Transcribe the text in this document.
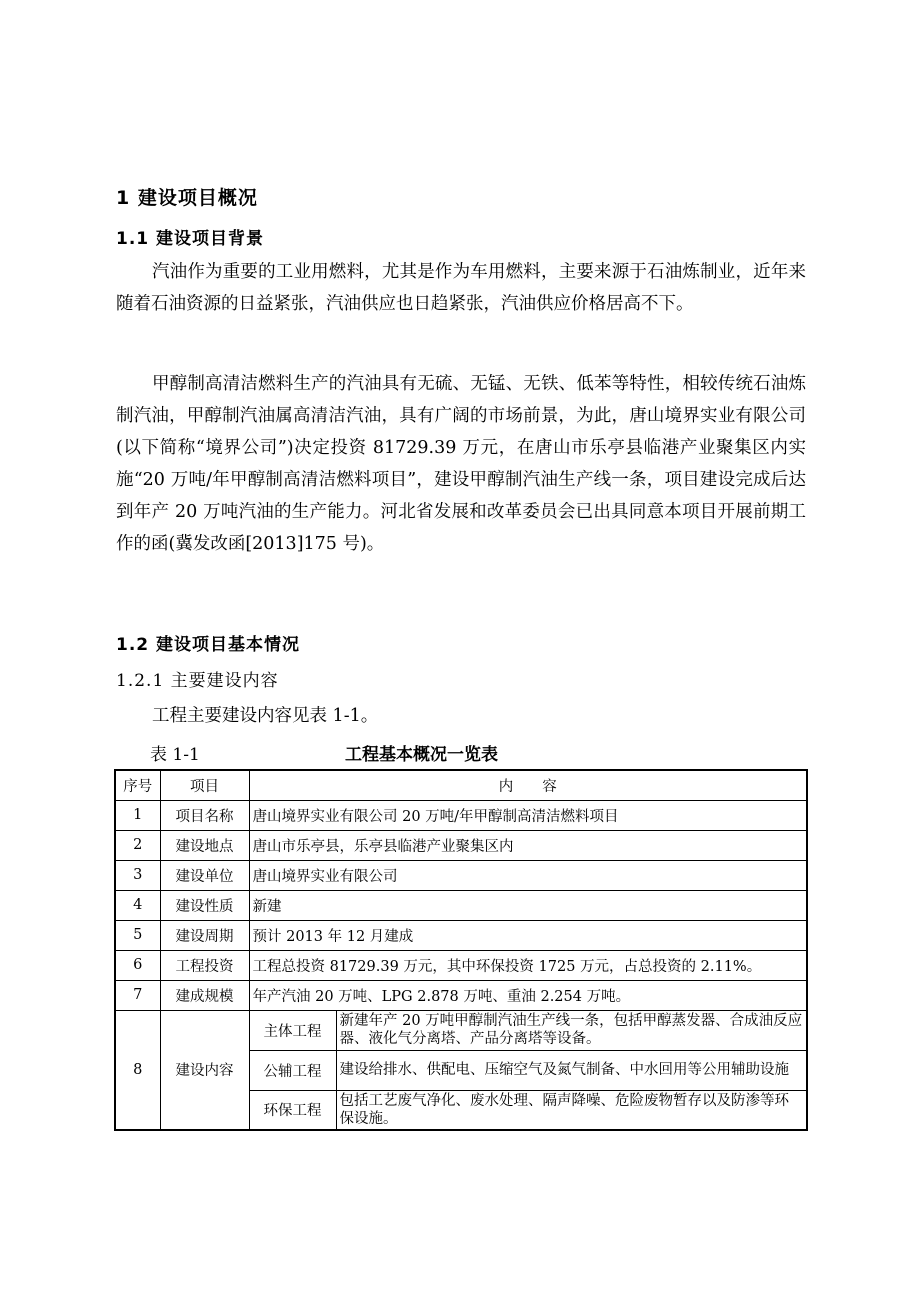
1 建设项目概况
1.1 建设项目背景
汽油作为重要的工业用燃料，尤其是作为车用燃料，主要来源于石油炼制业，近年来随着石油资源的日益紧张，汽油供应也日趋紧张，汽油供应价格居高不下。
甲醇制高清洁燃料生产的汽油具有无硫、无锰、无铁、低苯等特性，相较传统石油炼制汽油，甲醇制汽油属高清洁汽油，具有广阔的市场前景，为此，唐山境界实业有限公司(以下简称“境界公司”)决定投资 81729.39 万元，在唐山市乐亭县临港产业聚集区内实施“20 万吨/年甲醇制高清洁燃料项目”，建设甲醇制汽油生产线一条，项目建设完成后达到年产 20 万吨汽油的生产能力。河北省发展和改革委员会已出具同意本项目开展前期工作的函(冀发改函[2013]175 号)。
1.2 建设项目基本情况
1.2.1 主要建设内容
工程主要建设内容见表 1-1。
表 1-1	工程基本概况一览表
序号	项目	内　　容	
1	项目名称	唐山境界实业有限公司 20 万吨/年甲醇制高清洁燃料项目	
2	建设地点	唐山市乐亭县，乐亭县临港产业聚集区内	
3	建设单位	唐山境界实业有限公司	
4	建设性质	新建	
5	建设周期	预计 2013 年 12 月建成	
6	工程投资	工程总投资 81729.39 万元，其中环保投资 1725 万元，占总投资的 2.11%。	
7	建成规模	年产汽油 20 万吨、LPG 2.878 万吨、重油 2.254 万吨。	
8	建设内容	主体工程	新建年产 20 万吨甲醇制汽油生产线一条，包括甲醇蒸发器、合成油反应器、液化气分离塔、产品分离塔等设备。
		公辅工程	建设给排水、供配电、压缩空气及氮气制备、中水回用等公用辅助设施
		环保工程	包括工艺废气净化、废水处理、隔声降噪、危险废物暂存以及防渗等环保设施。
